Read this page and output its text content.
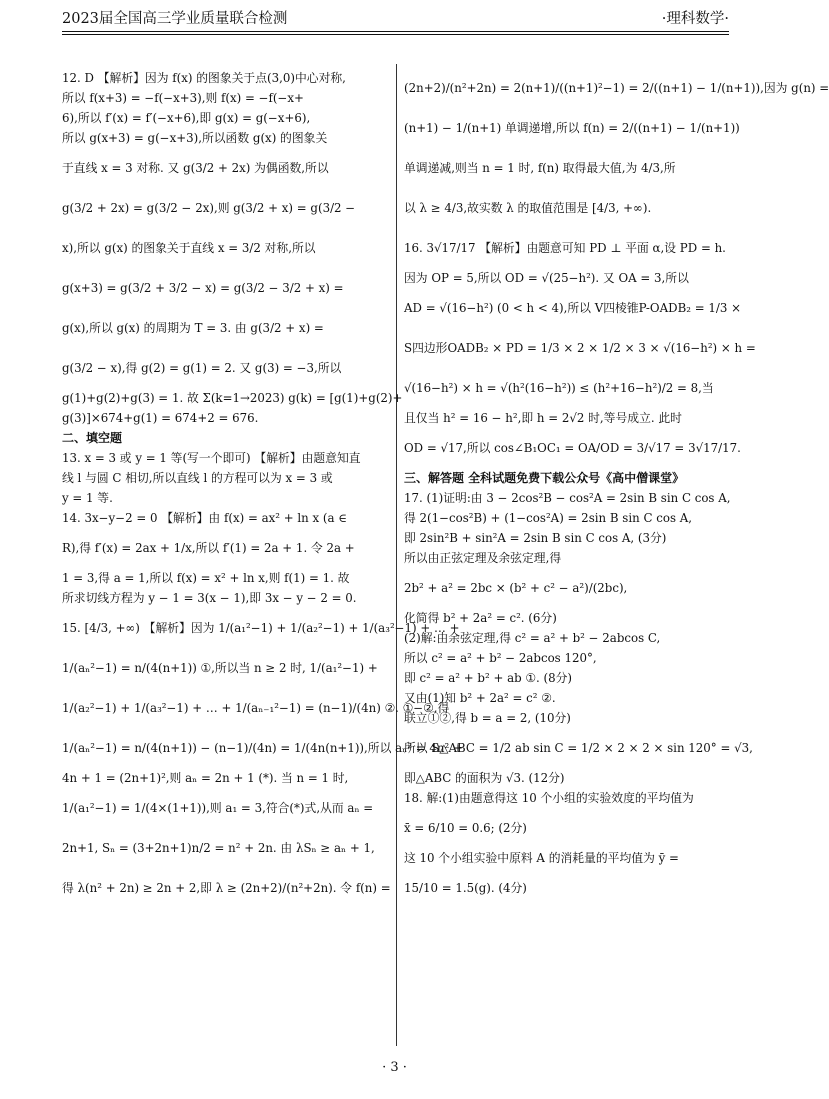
2023届全国高三学业质量联合检测	·理科数学·
12. D 【解析】因为 f(x) 的图象关于点(3,0)中心对称,
所以 f(x+3) = −f(−x+3),则 f(x) = −f(−x+
6),所以 f′(x) = f′(−x+6),即 g(x) = g(−x+6),
所以 g(x+3) = g(−x+3),所以函数 g(x) 的图象关
于直线 x = 3 对称. 又 g(3/2 + 2x) 为偶函数,所以
g(3/2 + 2x) = g(3/2 − 2x),则 g(3/2 + x) = g(3/2 −
x),所以 g(x) 的图象关于直线 x = 3/2 对称,所以
g(x+3) = g(3/2 + 3/2 − x) = g(3/2 − 3/2 + x) =
g(x),所以 g(x) 的周期为 T = 3. 由 g(3/2 + x) =
g(3/2 − x),得 g(2) = g(1) = 2. 又 g(3) = −3,所以
g(1)+g(2)+g(3) = 1. 故 Σ(k=1→2023) g(k) = [g(1)+g(2)+
g(3)]×674+g(1) = 674+2 = 676.
二、填空题
13. x = 3 或 y = 1 等(写一个即可) 【解析】由题意知直
线 l 与圆 C 相切,所以直线 l 的方程可以为 x = 3 或
y = 1 等.
14. 3x−y−2 = 0 【解析】由 f(x) = ax² + ln x (a ∈
R),得 f′(x) = 2ax + 1/x,所以 f′(1) = 2a + 1. 令 2a +
1 = 3,得 a = 1,所以 f(x) = x² + ln x,则 f(1) = 1. 故
所求切线方程为 y − 1 = 3(x − 1),即 3x − y − 2 = 0.
15. [4/3, +∞) 【解析】因为 1/(a₁²−1) + 1/(a₂²−1) + 1/(a₃²−1) + … +
1/(aₙ²−1) = n/(4(n+1)) ①,所以当 n ≥ 2 时, 1/(a₁²−1) +
1/(a₂²−1) + 1/(a₃²−1) + … + 1/(aₙ₋₁²−1) = (n−1)/(4n) ②. ①−②,得
1/(aₙ²−1) = n/(4(n+1)) − (n−1)/(4n) = 1/(4n(n+1)),所以 aₙ² = 4n² +
4n + 1 = (2n+1)²,则 aₙ = 2n + 1 (*). 当 n = 1 时,
1/(a₁²−1) = 1/(4×(1+1)),则 a₁ = 3,符合(*)式,从而 aₙ =
2n+1, Sₙ = (3+2n+1)n/2 = n² + 2n. 由 λSₙ ≥ aₙ + 1,
得 λ(n² + 2n) ≥ 2n + 2,即 λ ≥ (2n+2)/(n²+2n). 令 f(n) =
(2n+2)/(n²+2n) = 2(n+1)/((n+1)²−1) = 2/((n+1) − 1/(n+1)),因为 g(n) =
(n+1) − 1/(n+1) 单调递增,所以 f(n) = 2/((n+1) − 1/(n+1))
单调递减,则当 n = 1 时, f(n) 取得最大值,为 4/3,所
以 λ ≥ 4/3,故实数 λ 的取值范围是 [4/3, +∞).
16. 3√17/17 【解析】由题意可知 PD ⊥ 平面 α,设 PD = h.
因为 OP = 5,所以 OD = √(25−h²). 又 OA = 3,所以
AD = √(16−h²) (0 < h < 4),所以 V四棱锥P-OADB₂ = 1/3 ×
S四边形OADB₂ × PD = 1/3 × 2 × 1/2 × 3 × √(16−h²) × h =
√(16−h²) × h = √(h²(16−h²)) ≤ (h²+16−h²)/2 = 8,当
且仅当 h² = 16 − h²,即 h = 2√2 时,等号成立. 此时
OD = √17,所以 cos∠B₁OC₁ = OA/OD = 3/√17 = 3√17/17.
三、解答题 全科试题免费下载公众号《高中僧课堂》
17. (1)证明:由 3 − 2cos²B − cos²A = 2sin B sin C cos A,
得 2(1−cos²B) + (1−cos²A) = 2sin B sin C cos A,
即 2sin²B + sin²A = 2sin B sin C cos A, (3分)
所以由正弦定理及余弦定理,得
2b² + a² = 2bc × (b² + c² − a²)/(2bc),
化简得 b² + 2a² = c². (6分)
(2)解:由余弦定理,得 c² = a² + b² − 2abcos C,
所以 c² = a² + b² − 2abcos 120°,
即 c² = a² + b² + ab ①. (8分)
又由(1)知 b² + 2a² = c² ②.
联立①②,得 b = a = 2, (10分)
所以 S△ABC = 1/2 ab sin C = 1/2 × 2 × 2 × sin 120° = √3,
即△ABC 的面积为 √3. (12分)
18. 解:(1)由题意得这 10 个小组的实验效度的平均值为
x̄ = 6/10 = 0.6; (2分)
这 10 个小组实验中原料 A 的消耗量的平均值为 ȳ =
15/10 = 1.5(g). (4分)
· 3 ·
